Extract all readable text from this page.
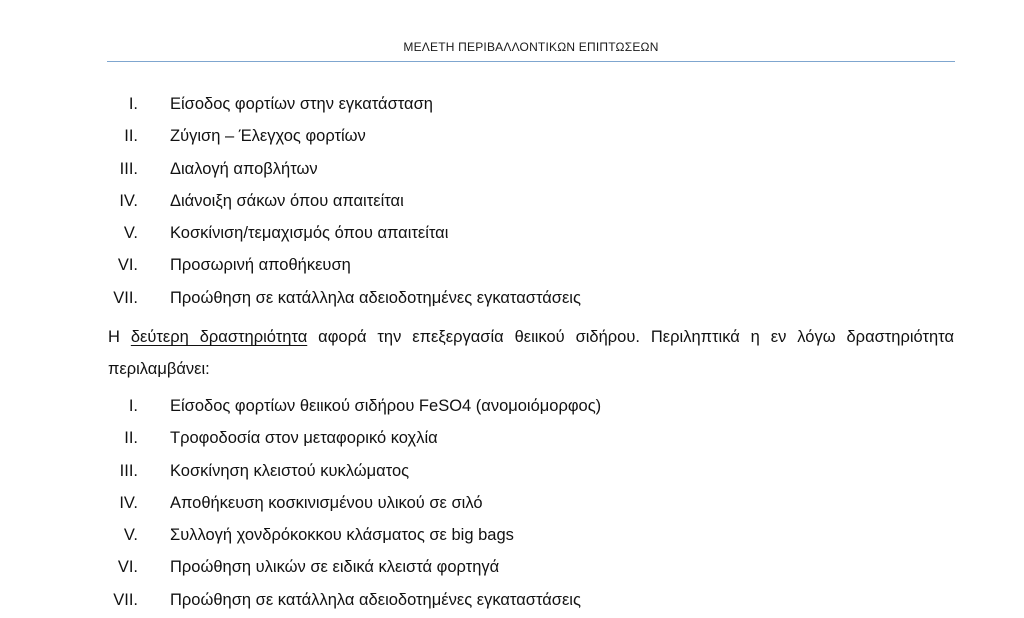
ΜΕΛΕΤΗ ΠΕΡΙΒΑΛΛΟΝΤΙΚΩΝ ΕΠΙΠΤΩΣΕΩΝ
I. Είσοδος φορτίων στην εγκατάσταση
II. Ζύγιση – Έλεγχος φορτίων
III. Διαλογή αποβλήτων
IV. Διάνοιξη σάκων όπου απαιτείται
V. Κοσκίνιση/τεμαχισμός όπου απαιτείται
VI. Προσωρινή αποθήκευση
VII. Προώθηση σε κατάλληλα αδειοδοτημένες εγκαταστάσεις

Η δεύτερη δραστηριότητα αφορά την επεξεργασία θειικού σιδήρου. Περιληπτικά η εν λόγω δραστηριότητα περιλαμβάνει:

I. Είσοδος φορτίων θειικού σιδήρου FeSO4 (ανομοιόμορφος)
II. Τροφοδοσία στον μεταφορικό κοχλία
III. Κοσκίνηση κλειστού κυκλώματος
IV. Αποθήκευση κοσκινισμένου υλικού σε σιλό
V. Συλλογή χονδρόκοκκου κλάσματος σε big bags
VI. Προώθηση υλικών σε ειδικά κλειστά φορτηγά
VII. Προώθηση σε κατάλληλα αδειοδοτημένες εγκαταστάσεις
